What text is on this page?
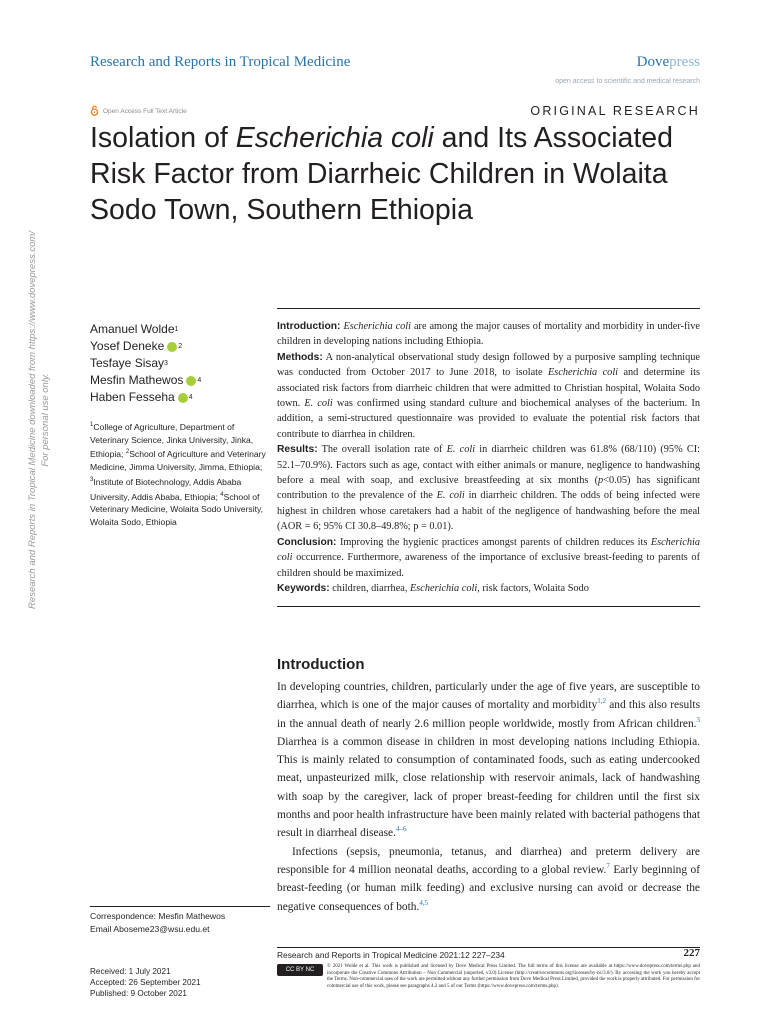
Research and Reports in Tropical Medicine	Dovepress
open access to scientific and medical research
Open Access Full Text Article	ORIGINAL RESEARCH
Isolation of Escherichia coli and Its Associated Risk Factor from Diarrheic Children in Wolaita Sodo Town, Southern Ethiopia
Research and Reports in Tropical Medicine downloaded from https://www.dovepress.com/ For personal use only.
Amanuel Wolde 1
Yosef Deneke 2
Tesfaye Sisay 3
Mesfin Mathewos 4
Haben Fesseha 4
$^1$College of Agriculture, Department of Veterinary Science, Jinka University, Jinka, Ethiopia; $^2$School of Agriculture and Veterinary Medicine, Jimma University, Jimma, Ethiopia; $^3$Institute of Biotechnology, Addis Ababa University, Addis Ababa, Ethiopia; $^4$School of Veterinary Medicine, Wolaita Sodo University, Wolaita Sodo, Ethiopia
Correspondence: Mesfin Mathewos
Email Aboseme23@wsu.edu.et
Received: 1 July 2021
Accepted: 26 September 2021
Published: 9 October 2021

Introduction: Escherichia coli are among the major causes of mortality and morbidity in under-five children in developing nations including Ethiopia.

Methods: A non-analytical observational study design followed by a purposive sampling technique was conducted from October 2017 to June 2018, to isolate Escherichia coli and determine its associated risk factors from diarrheic children that were admitted to Christian hospital, Wolaita Sodo town. E. coli was confirmed using standard culture and biochemical analyses of the bacterium. In addition, a semi-structured questionnaire was provided to evaluate the potential risk factors that contribute to diarrhea in children.

Results: The overall isolation rate of E. coli in diarrheic children was 61.8% (68/110) (95% CI: 52.1–70.9%). Factors such as age, contact with either animals or manure, negligence to handwashing before a meal with soap, and exclusive breastfeeding at six months (p<0.05) has significant contribution to the prevalence of the E. coli in diarrheic children. The odds of being infected were highest in children whose caretakers had a habit of the negligence of handwashing before the meal (AOR = 6; 95% CI 30.8–49.8%; p = 0.01).

Conclusion: Improving the hygienic practices amongst parents of children reduces its Escherichia coli occurrence. Furthermore, awareness of the importance of exclusive breast-feeding to parents of children should be maximized.

Keywords: children, diarrhea, Escherichia coli, risk factors, Wolaita Sodo

Introduction

In developing countries, children, particularly under the age of five years, are susceptible to diarrhea, which is one of the major causes of mortality and morbidity$^{1,2}$ and this also results in the annual death of nearly 2.6 million people worldwide, mostly from African children.$^3$ Diarrhea is a common disease in children in most developing nations including Ethiopia. This is mainly related to consumption of contaminated foods, such as eating undercooked meat, unpasteurized milk, close relationship with reservoir animals, lack of handwashing with soap by the caregiver, lack of proper breast-feeding for children until the first six months and poor health infrastructure have been mainly related with bacterial pathogens that result in diarrheal disease.$^{4-6}$

Infections (sepsis, pneumonia, tetanus, and diarrhea) and preterm delivery are responsible for 4 million neonatal deaths, according to a global review.$^7$ Early beginning of breast-feeding (or human milk feeding) and exclusive nursing can avoid or decrease the negative consequences of both.$^{4,5}$

Research and Reports in Tropical Medicine 2021:12 227–234	227
CC BY NC
© 2021 Wolde et al. This work is published and licensed by Dove Medical Press Limited. The full terms of this license are available at https://www.dovepress.com/terms.php and incorporate the Creative Commons Attribution – Non Commercial (unported, v3.0) License (http://creativecommons.org/licenses/by-nc/3.0/). By accessing the work you hereby accept the Terms. Non-commercial uses of the work are permitted without any further permission from Dove Medical Press Limited, provided the work is properly attributed. For permission for commercial use of this work, please see paragraphs 4.2 and 5 of our Terms (https://www.dovepress.com/terms.php).
